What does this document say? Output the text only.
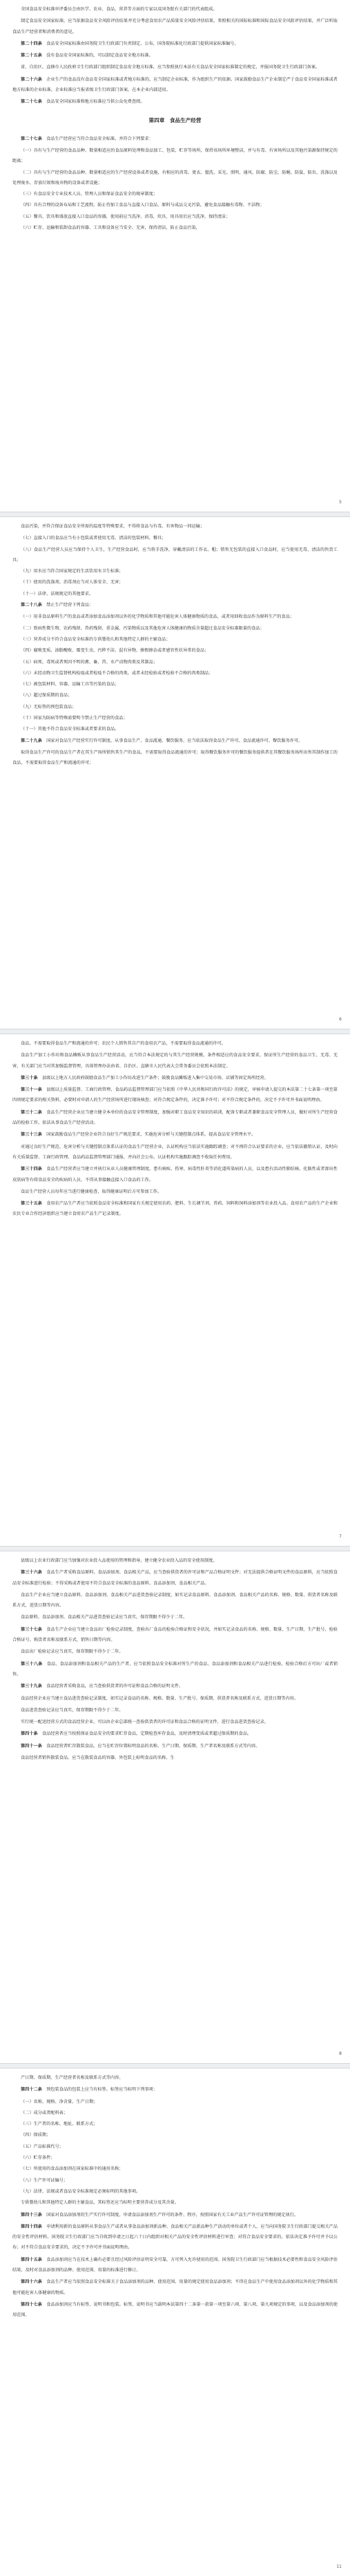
全国食品安全标准审评委员会由医学、农业、食品、营养等方面的专家以及国务院有关部门的代表组成。

制定食品安全国家标准，应当依据食品安全风险评估结果并充分考虑食用农产品质量安全风险评估结果，参照相关的国际标准和国际食品安全风险评估结果，并广泛听取食品生产经营者和消费者的意见。

第二十四条　 食品安全国家标准由国务院卫生行政部门负责制定、公布，国务院标准化行政部门提供国家标准编号。

第二十五条　 没有食品安全国家标准的，可以制定食品安全地方标准。

省、自治区、直辖市人民政府卫生行政部门组织制定食品安全地方标准，应当参照执行本法有关食品安全国家标准制定的规定，并报国务院卫生行政部门备案。

第二十六条　 企业生产的食品没有食品安全国家标准或者地方标准的，应当制定企业标准，作为组织生产的依据。国家鼓励食品生产企业制定严于食品安全国家标准或者地方标准的企业标准。企业标准应当报省级卫生行政部门备案，在本企业内部适用。

第二十七条　 食品安全国家标准和地方标准应当供公众免费查阅。

第四章　食品生产经营

第二十七条　 食品生产经营应当符合食品安全标准，并符合下列要求：

（一）具有与生产经营的食品品种、数量相适应的食品原料处理和食品加工、包装、贮存等场所，保持该场所环境整洁，并与有毒、有害场所以及其他污染源保持规定的距离；

（二）具有与生产经营的食品品种、数量相适应的生产经营设备或者设施，有相应的消毒、更衣、盥洗、采光、照明、通风、防腐、防尘、防蝇、防鼠、防虫、洗涤以及处理废水、存放垃圾和废弃物的设备或者设施；

（三）有食品安全专业技术人员、管理人员和保证食品安全的规章制度；

（四）具有合理的设备布局和工艺流程，防止待加工食品与直接入口食品、原料与成品交叉污染，避免食品接触有毒物、不洁物；

（五）餐具、饮具和盛放直接入口食品的容器，使用前应当洗净、消毒，炊具、用具用后应当洗净，保持清洁；

（六）贮存、运输和装卸食品的容器、工具和设备应当安全、无害，保持清洁，防止食品污染，

5

食品污染，并符合保证食品安全所需的温度等特殊要求，不得将食品与有毒、有害物品一同运输；

（七）直接入口的食品应当有小包装或者使用无毒、清洁的包装材料、餐具；

（八）食品生产经营人员应当保持个人卫生，生产经营食品时，应当将手洗净，穿戴清洁的工作衣、帽；销售无包装的直接入口食品时，应当使用无毒、清洁的售货工具；

（九）用水应当符合国家规定的生活饮用水卫生标准；

（十）使用的洗涤剂、消毒剂应当对人体安全、无害；

（十一）法律、法规规定的其他要求。

第二十八条　 禁止生产经营下列食品：

（一）用非食品原料生产的食品或者添加食品添加剂以外的化学物质和其他可能危害人体健康物质的食品，或者用回收食品作为原料生产的食品；

（二）致病性微生物、农药残留、兽药残留、重金属、污染物质以及其他危害人体健康的物质含量超过食品安全标准限量的食品；

（三）营养成分不符合食品安全标准的专供婴幼儿和其他特定人群的主辅食品；

（四）腐败变质、油脂酸败、霉变生虫、污秽不洁、混有异物、掺假掺杂或者感官性状异常的食品；

（五）病死、毒死或者死因不明的禽、畜、兽、水产动物肉类及其制品；

（六）未经动物卫生监督机构检疫或者检疫不合格的肉类，或者未经检验或者检验不合格的肉类制品；

（七）被包装材料、容器、运输工具等污染的食品；

（八）超过保质期的食品；

（九）无标签的预包装食品；

（十）国家为防病等特殊需要明令禁止生产经营的食品；

（十一）其他不符合食品安全标准或者要求的食品。

第二十九条　 国家对食品生产经营实行许可制度。从事食品生产、食品流通、餐饮服务，应当依法取得食品生产许可、食品流通许可、餐饮服务许可。

取得食品生产许可的食品生产者在其生产场所销售其生产的食品，不需要取得食品流通的许可；取得餐饮服务许可的餐饮服务提供者在其餐饮服务场所出售其制作加工的食品，不需要取得食品生产和流通的许可；

6

食品，不需要取得食品生产和流通的许可；农民个人销售其自产的食用农产品，不需要取得食品流通的许可。

食品生产加工小作坊和食品摊贩从事食品生产经营活动，应当符合本法规定的与其生产经营规模、条件相适应的食品安全要求，保证所生产经营的食品卫生、无毒、无害，有关部门应当对其加强监督管理，具体管理办法由省、自治区、直辖市人民代表大会常务委员会依照本法制定。

第三十条　 县级以上地方人民政府鼓励食品生产加工小作坊改进生产条件；鼓励食品摊贩进入集中交易市场、店铺等固定场所经营。

第三十一条　 县级以上质量监督、工商行政管理、食品药品监督管理部门应当依照《中华人民共和国行政许可法》的规定，审核申请人提交的本法第二十七条第一项至第四项规定要求的相关资料，必要时对申请人的生产经营场所进行现场核查；对符合规定条件的，决定准予许可；对不符合规定条件的，决定不予许可并书面说明理由。

第三十二条　 食品生产经营企业应当建立健全本单位的食品安全管理制度，加强对职工食品安全知识的培训，配备专职或者兼职食品安全管理人员，做好对所生产经营食品的检验工作，依法从事食品生产经营活动。

第三十三条　 国家鼓励食品生产经营企业符合良好生产规范要求，实施危害分析与关键控制点体系，提高食品安全管理水平。

对通过良好生产规范、危害分析与关键控制点体系认证的食品生产经营企业，认证机构应当依法实施跟踪调查；对不再符合认证要求的企业，应当依法撤销认证，及时向有关质量监督、工商行政管理、食品药品监督管理部门通报，并向社会公布。认证机构实施跟踪调查不收取任何费用。

第三十四条　 食品生产经营者应当建立并执行从业人员健康管理制度。患有痢疾、伤寒、病毒性肝炎等消化道传染病的人员，以及患有活动性肺结核、化脓性或者渗出性皮肤病等有碍食品安全的疾病的人员，不得从事接触直接入口食品的工作。

食品生产经营人员每年应当进行健康检查，取得健康证明后方可参加工作。

第三十五条　 食用农产品生产者应当依照食品安全标准和国家有关规定使用农药、肥料、生长调节剂、兽药、饲料和饲料添加剂等农业投入品。食用农产品的生产企业和农民专业合作经济组织应当建立食用农产品生产记录制度。

7

县级以上农业行政部门应当加强对农业投入品使用的管理和指导，建立健全农业投入品的安全使用制度。

第三十六条　 食品生产者采购食品原料、食品添加剂、食品相关产品，应当查验供货者的许可证和产品合格证明文件；对无法提供合格证明文件的食品原料，应当依照食品安全标准进行检验；不得采购或者使用不符合食品安全标准的食品原料、食品添加剂、食品相关产品。

食品生产企业应当建立食品原料、食品添加剂、食品相关产品进货查验记录制度，如实记录食品原料、食品添加剂、食品相关产品的名称、规格、数量、供货者名称及联系方式、进货日期等内容。

食品原料、食品添加剂、食品相关产品进货查验记录应当真实，保存期限不得少于二年。

第三十七条　 食品生产企业应当建立食品出厂检验记录制度，查验出厂食品的检验合格证和安全状况，并如实记录食品的名称、规格、数量、生产日期、生产批号、检验合格证号、购货者名称及联系方式、销售日期等内容。

食品出厂检验记录应当真实，保存期限不得少于二年。

第三十八条　 食品、食品添加剂和食品相关产品的生产者，应当依照食品安全标准对所生产的食品、食品添加剂和食品相关产品进行检验，检验合格后方可出厂或者销售。

第三十九条　 食品经营者采购食品，应当查验供货者的许可证和食品合格的证明文件。

食品经营企业应当建立食品进货查验记录制度，如实记录食品的名称、规格、数量、生产批号、保质期、供货者名称及联系方式、进货日期等内容。

食品进货查验记录应当真实，保存期限不得少于二年。

实行统一配送经营方式的食品经营企业，可以由企业总部统一查验供货者的许可证和食品合格的证明文件，进行食品进货查验记录。

第四十条　 食品经营者应当按照保证食品安全的要求贮存食品，定期检查库存食品，及时清理变质或者超过保质期的食品。

第四十一条　 食品经营者贮存散装食品，应当在贮存位置标明食品的名称、生产日期、保质期、生产者名称及联系方式等内容。

食品经营者销售散装食品，应当在散装食品的容器、外包装上标明食品的名称、生

8

产日期、保质期、生产经营者名称及联系方式等内容。

第四十二条　 预包装食品的包装上应当有标签。标签应当标明下列事项：

（一）名称、规格、净含量、生产日期；

（二）成分或者配料表；

（三）生产者的名称、地址、联系方式；

（四）保质期；

（五）产品标准代号；

（六）贮存条件；

（七）所使用的食品添加剂在国家标准中的通用名称；

（八）生产许可证编号；

（九）法律、法规或者食品安全标准规定必须标明的其他事项。

专供婴幼儿和其他特定人群的主辅食品，其标签还应当标明主要营养成分及其含量。

第四十三条　 国家对食品添加剂的生产实行许可制度。申请食品添加剂生产许可的条件、程序，按照国家有关工业产品生产许可证管理的规定执行。

第四十四条　 申请利用新的食品原料从事食品生产或者从事食品添加剂新品种、食品相关产品新品种生产活动的单位或者个人，应当向国务院卫生行政部门提交相关产品的安全性评估材料。国务院卫生行政部门应当自收到申请之日起六十日内组织对相关产品的安全性评估材料进行审查；对符合食品安全要求的，依法决定准予许可并予以公布；对不符合食品安全要求的，决定不予许可并书面说明理由。

第四十五条　 食品添加剂应当在技术上确有必要且经过风险评估证明安全可靠，方可列入允许使用的范围。国务院卫生行政部门应当根据技术必要性和食品安全风险评估结果，及时对食品添加剂的品种、使用范围、用量的标准进行修订。

第四十六条　 食品生产者应当依照食品安全标准关于食品添加剂的品种、使用范围、用量的规定使用食品添加剂；不得在食品生产中使用食品添加剂以外的化学物质和其他可能危害人体健康的物质。

第四十七条　 食品添加剂应当有标签、说明书和包装。标签、说明书应当载明本法第四十二条第一款第一项至第六项、第八项、第九项规定的事项，以及食品添加剂的使用范围、

11
